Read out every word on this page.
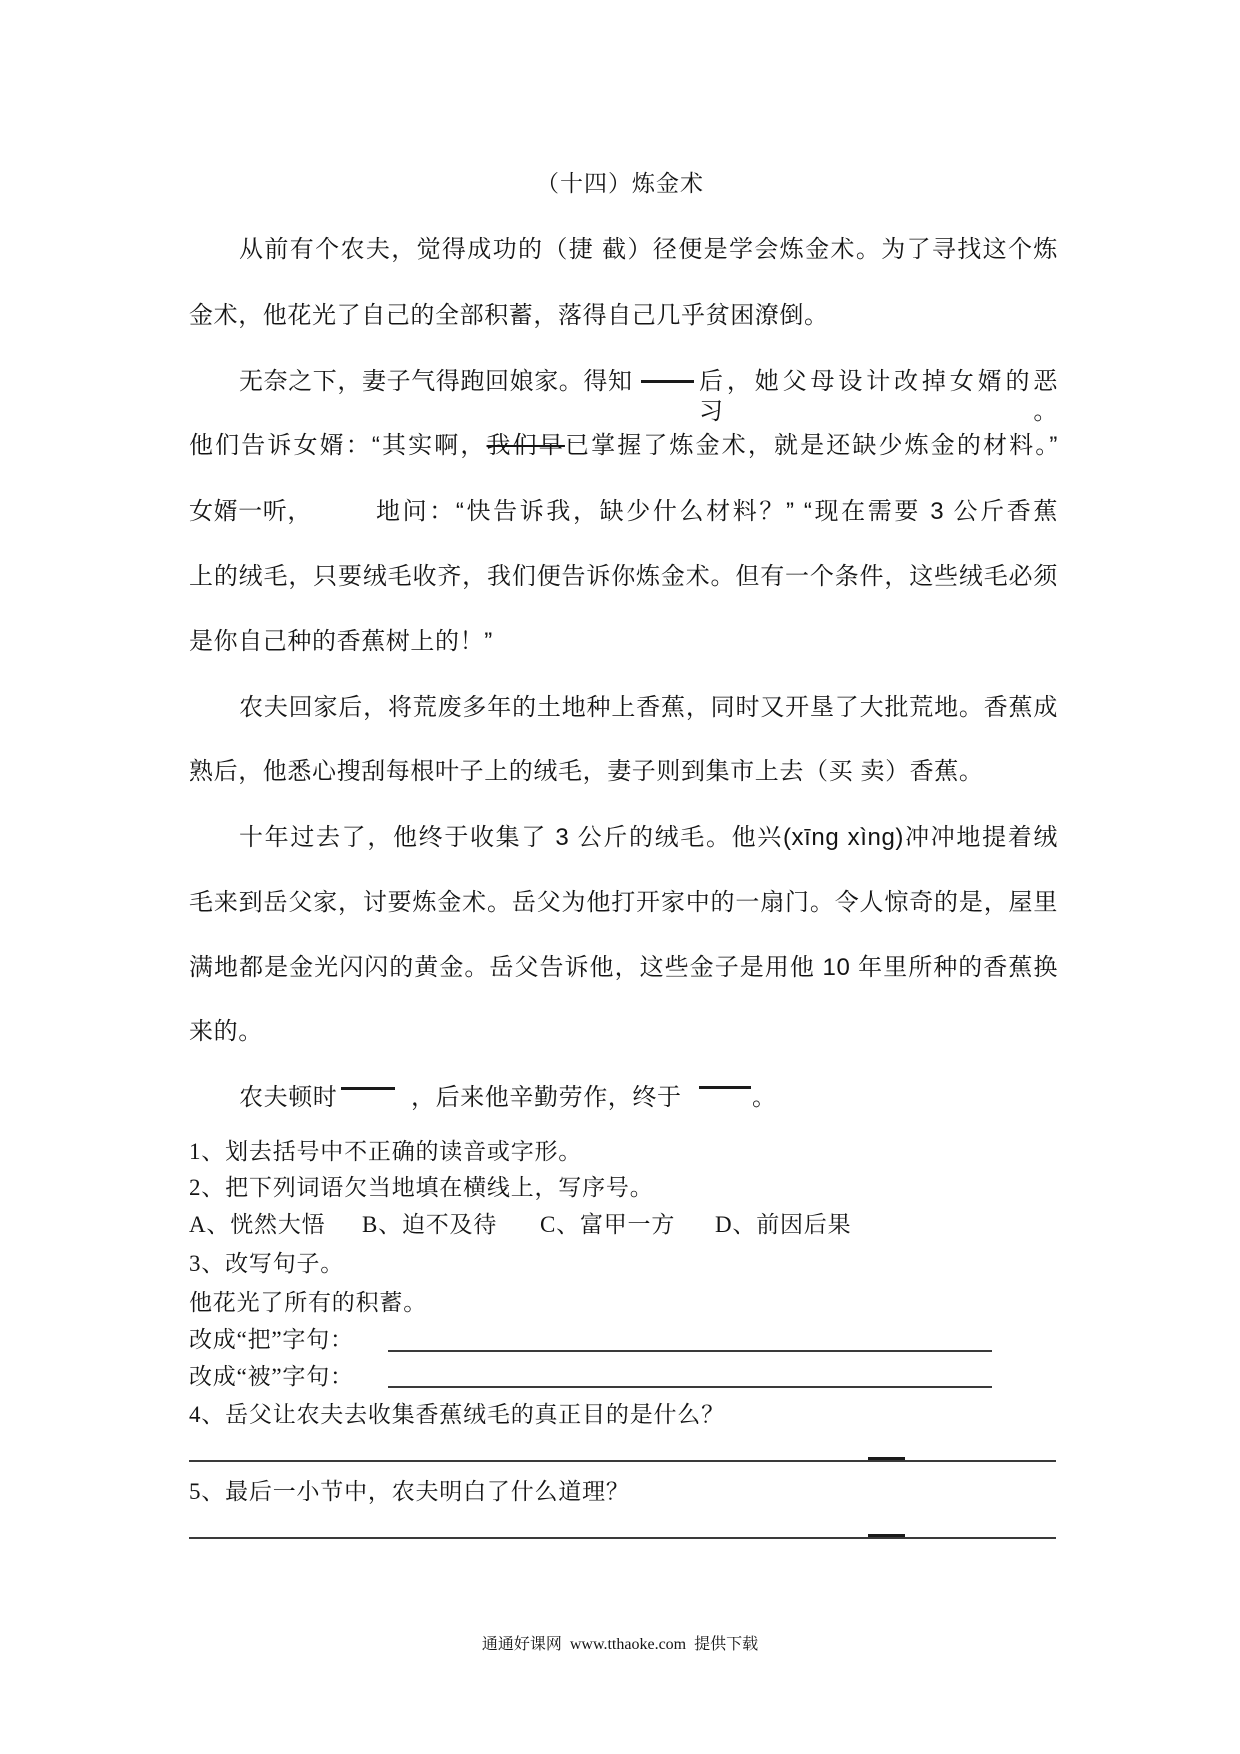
（十四）炼金术
从前有个农夫，觉得成功的（捷 截）径便是学会炼金术。为了寻找这个炼
金术，他花光了自己的全部积蓄，落得自己几乎贫困潦倒。
无奈之下，妻子气得跑回娘家。得知	后，她父母设计改掉女婿的恶习。
他们告诉女婿：“其实啊，我们早已掌握了炼金术，就是还缺少炼金的材料。”
女婿一听，	地问：“快告诉我，缺少什么材料？” “现在需要 3 公斤香蕉
上的绒毛，只要绒毛收齐，我们便告诉你炼金术。但有一个条件，这些绒毛必须
是你自己种的香蕉树上的！”
农夫回家后，将荒废多年的土地种上香蕉，同时又开垦了大批荒地。香蕉成
熟后，他悉心搜刮每根叶子上的绒毛，妻子则到集市上去（买 卖）香蕉。
十年过去了，他终于收集了 3 公斤的绒毛。他兴(xīng xìng)冲冲地提着绒
毛来到岳父家，讨要炼金术。岳父为他打开家中的一扇门。令人惊奇的是，屋里
满地都是金光闪闪的黄金。岳父告诉他，这些金子是用他 10 年里所种的香蕉换
来的。
农夫顿时	，后来他辛勤劳作，终于	。
1、划去括号中不正确的读音或字形。
2、把下列词语欠当地填在横线上，写序号。
A、恍然大悟 B、迫不及待 C、富甲一方 D、前因后果
3、改写句子。
他花光了所有的积蓄。
改成“把”字句：
改成“被”字句：
4、岳父让农夫去收集香蕉绒毛的真正目的是什么？
5、最后一小节中，农夫明白了什么道理？
通通好课网  www.tthaoke.com  提供下载
